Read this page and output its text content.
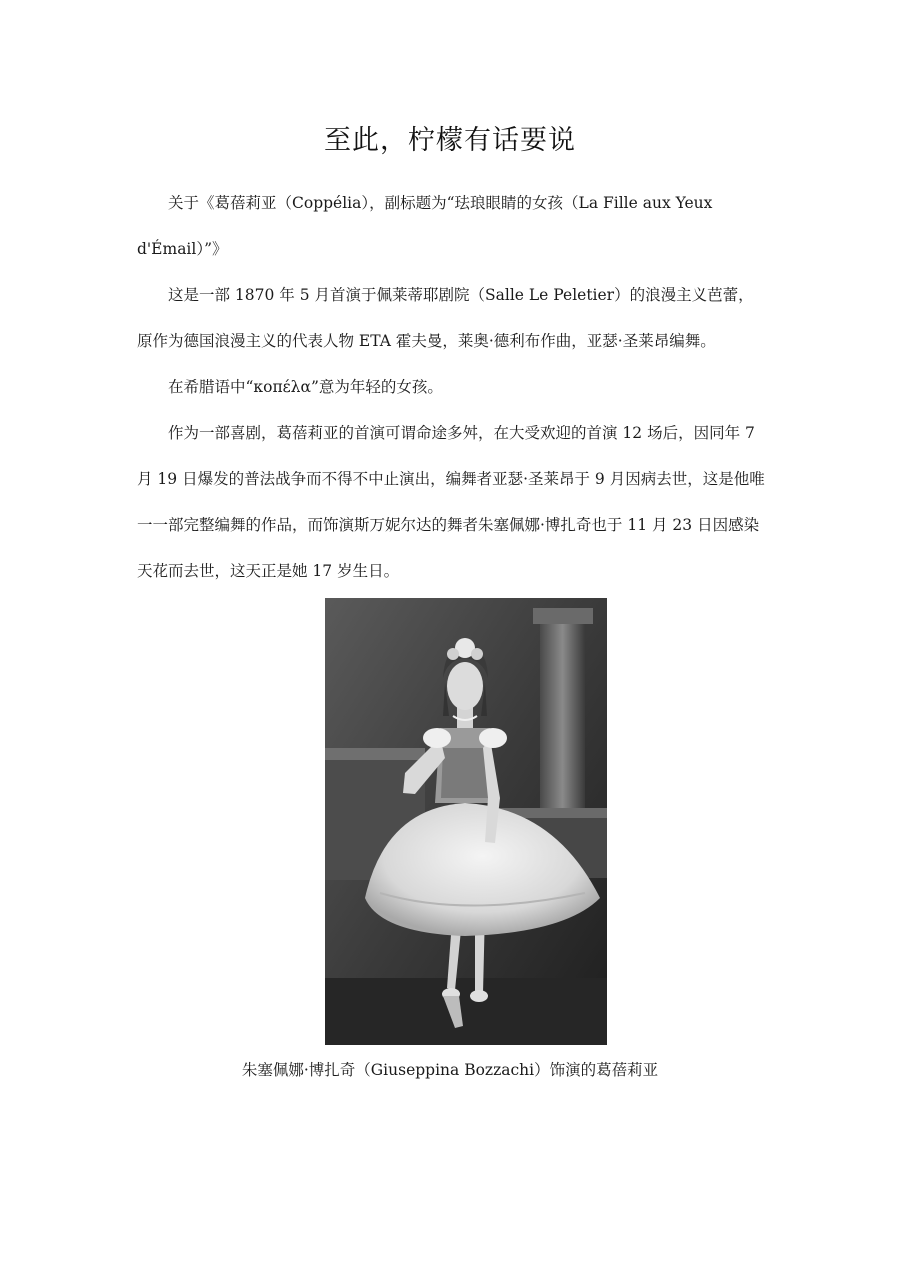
至此，柠檬有话要说

关于《葛蓓莉亚（Coppélia），副标题为“珐琅眼睛的女孩（La Fille aux Yeux d'Émail）”》

这是一部 1870 年 5 月首演于佩莱蒂耶剧院（Salle Le Peletier）的浪漫主义芭蕾，原作为德国浪漫主义的代表人物 ETA 霍夫曼，莱奥·德利布作曲，亚瑟·圣莱昂编舞。

在希腊语中“κοπέλα”意为年轻的女孩。

作为一部喜剧，葛蓓莉亚的首演可谓命途多舛，在大受欢迎的首演 12 场后，因同年 7 月 19 日爆发的普法战争而不得不中止演出，编舞者亚瑟·圣莱昂于 9 月因病去世，这是他唯一一部完整编舞的作品，而饰演斯万妮尔达的舞者朱塞佩娜·博扎奇也于 11 月 23 日因感染天花而去世，这天正是她 17 岁生日。

朱塞佩娜·博扎奇（Giuseppina Bozzachi）饰演的葛蓓莉亚
